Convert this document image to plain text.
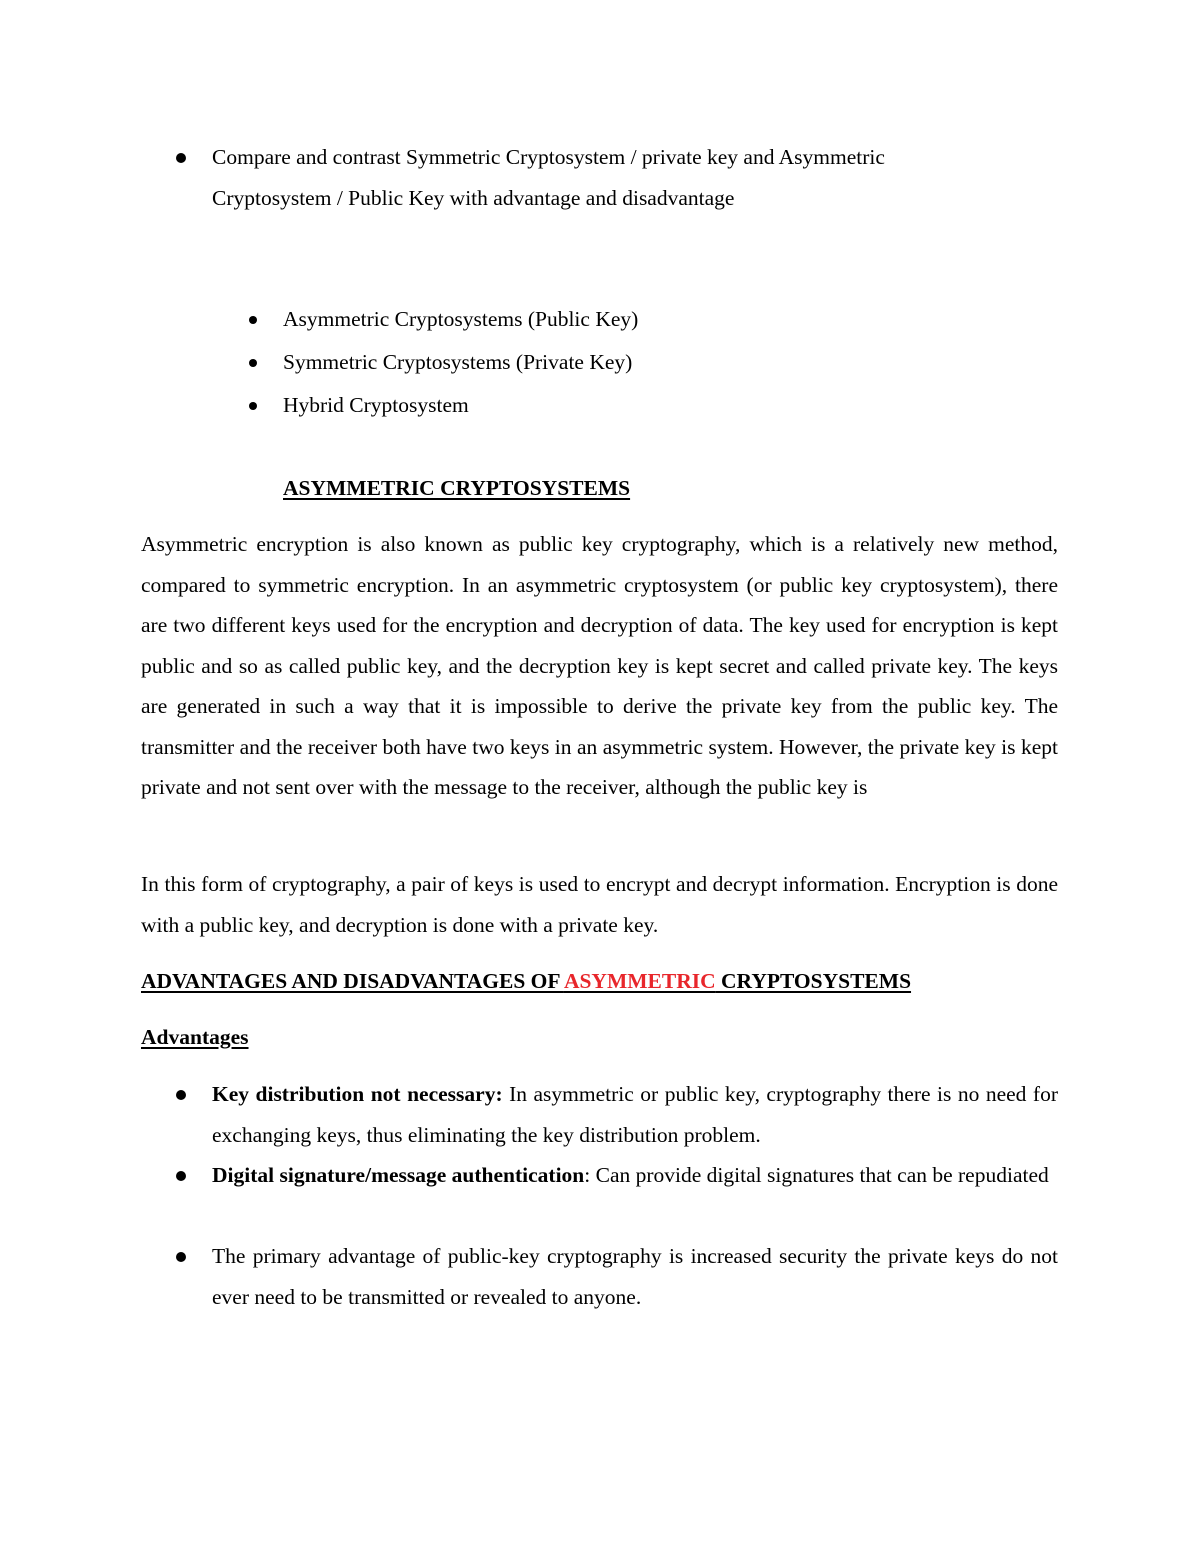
Compare and contrast Symmetric Cryptosystem / private key and Asymmetric Cryptosystem / Public Key with advantage and disadvantage
Asymmetric Cryptosystems (Public Key)
Symmetric Cryptosystems (Private Key)
Hybrid Cryptosystem
ASYMMETRIC CRYPTOSYSTEMS
Asymmetric encryption is also known as public key cryptography, which is a relatively new method, compared to symmetric encryption. In an asymmetric cryptosystem (or public key cryptosystem), there are two different keys used for the encryption and decryption of data. The key used for encryption is kept public and so as called public key, and the decryption key is kept secret and called private key. The keys are generated in such a way that it is impossible to derive the private key from the public key. The transmitter and the receiver both have two keys in an asymmetric system. However, the private key is kept private and not sent over with the message to the receiver, although the public key is
In this form of cryptography, a pair of keys is used to encrypt and decrypt information. Encryption is done with a public key, and decryption is done with a private key.
ADVANTAGES AND DISADVANTAGES OF ASYMMETRIC CRYPTOSYSTEMS
Advantages
Key distribution not necessary: In asymmetric or public key, cryptography there is no need for exchanging keys, thus eliminating the key distribution problem.
Digital signature/message authentication: Can provide digital signatures that can be repudiated
The primary advantage of public-key cryptography is increased security the private keys do not ever need to be transmitted or revealed to anyone.
